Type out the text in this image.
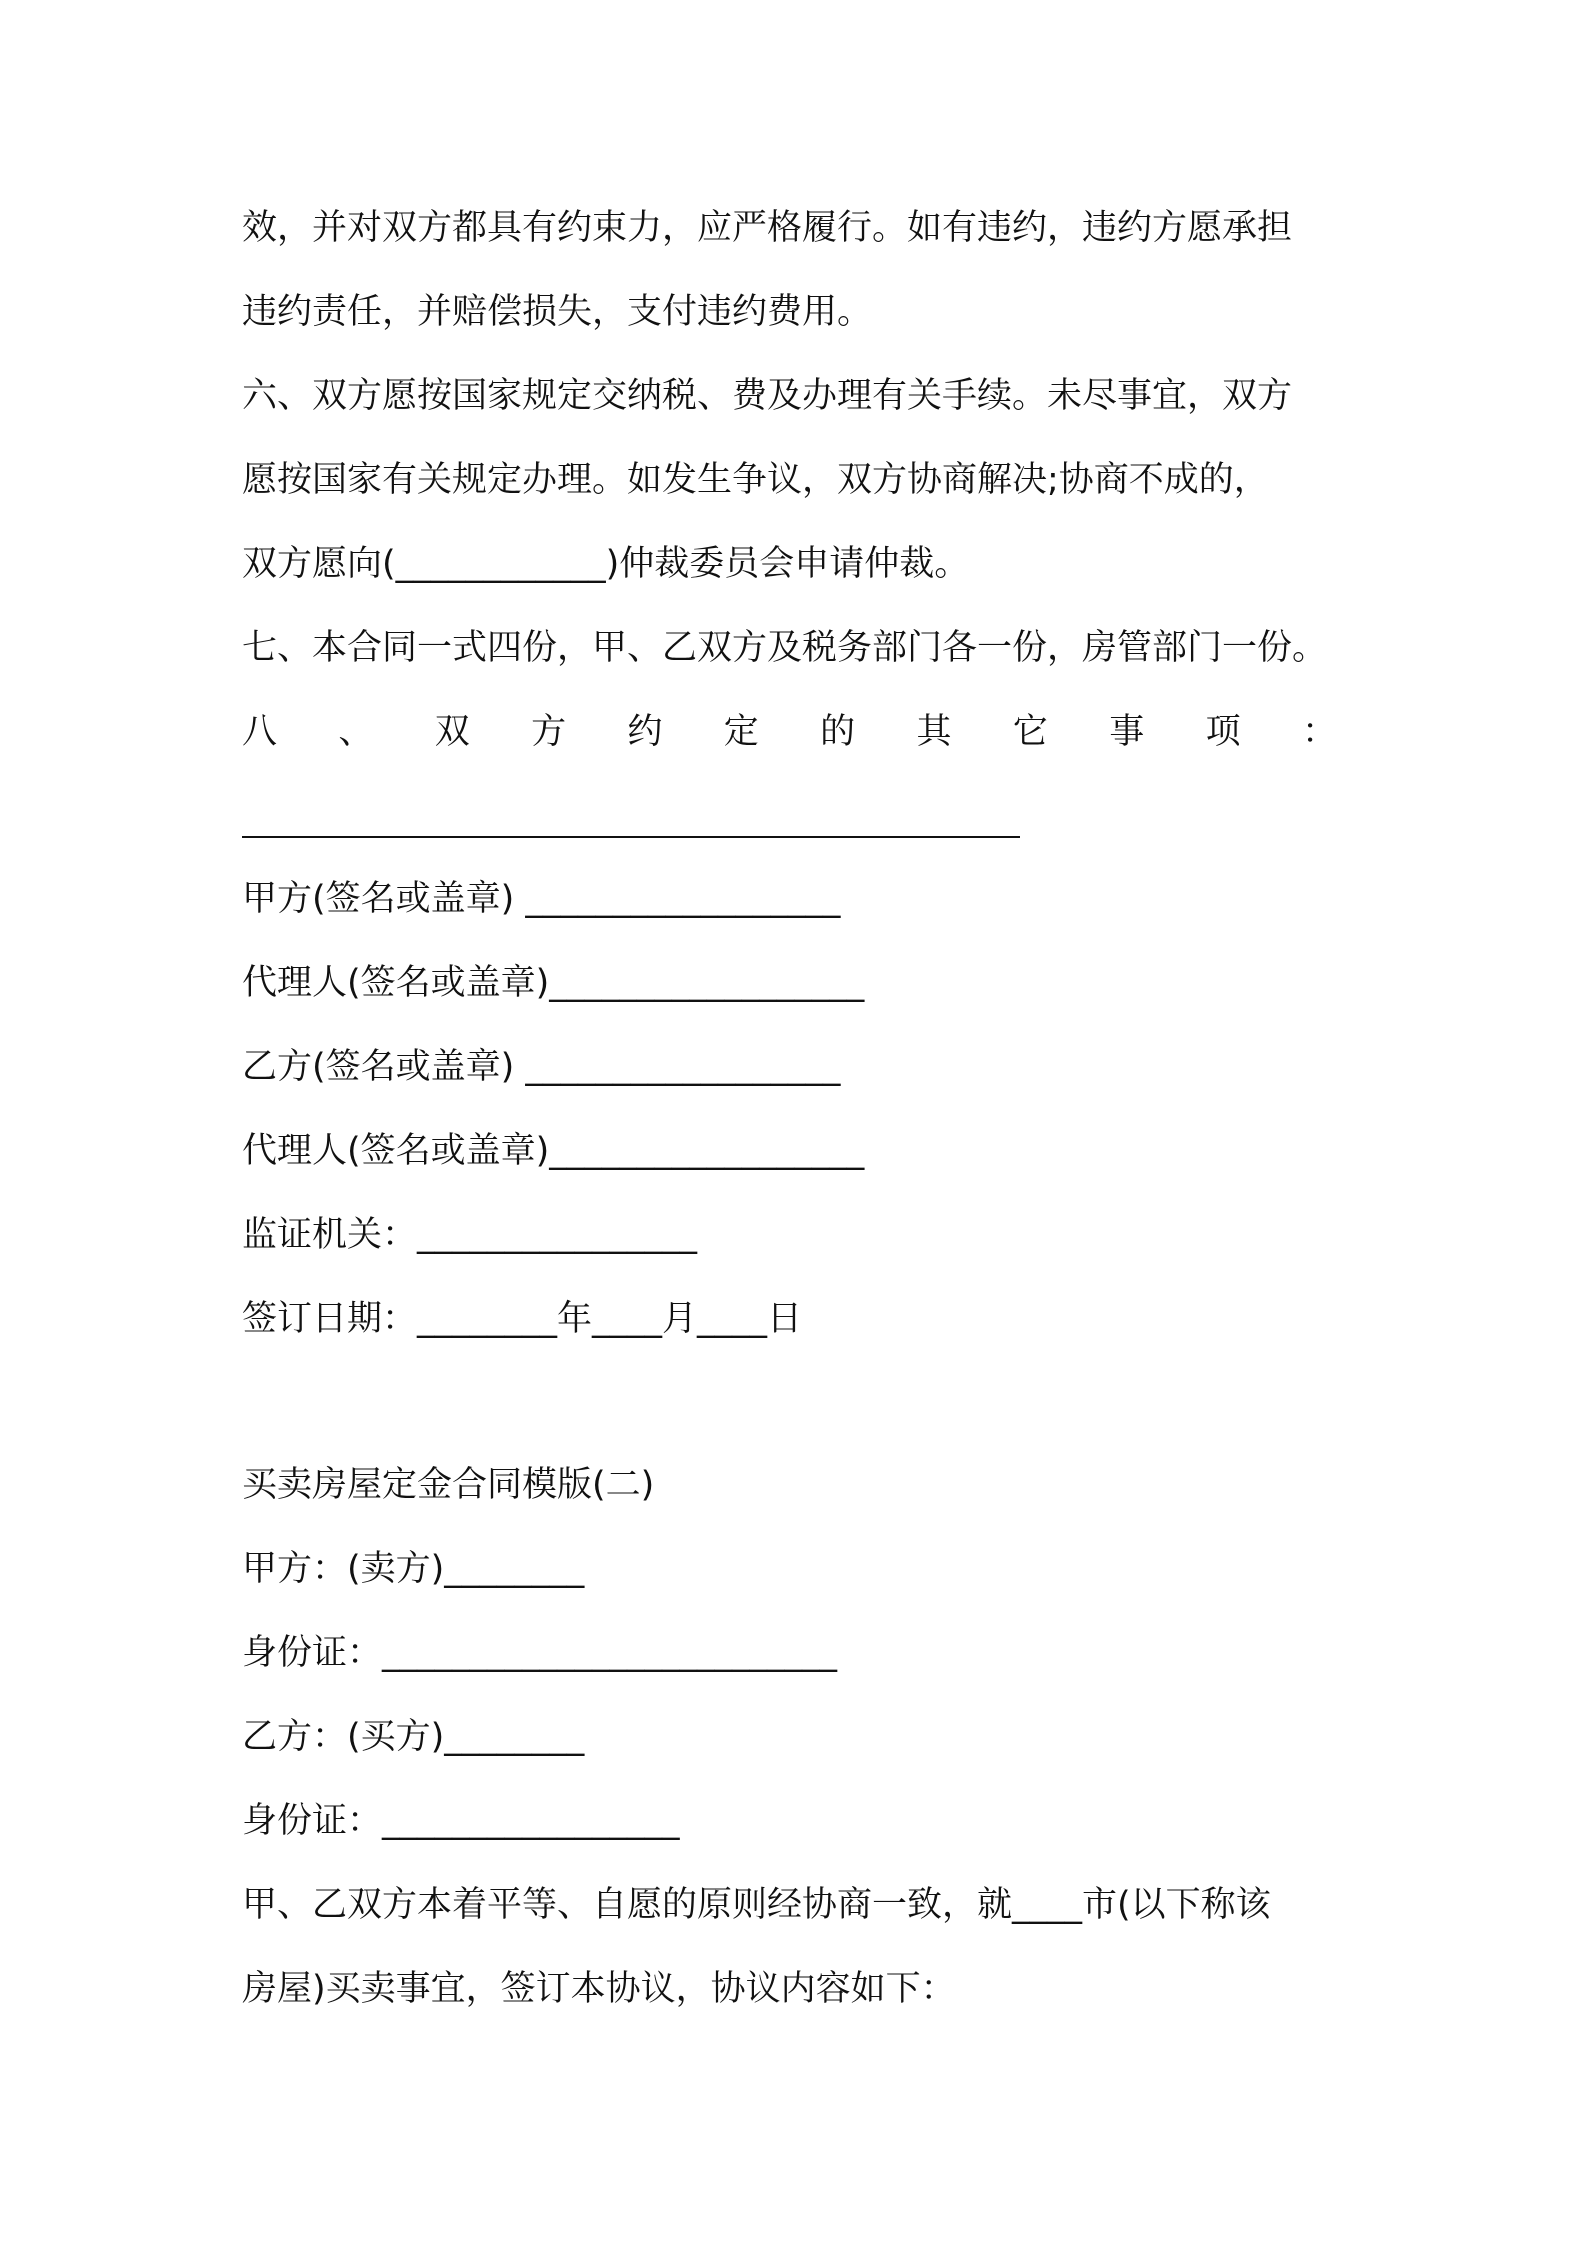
效，并对双方都具有约束力，应严格履行。如有违约，违约方愿承担

违约责任，并赔偿损失，支付违约费用。

六、双方愿按国家规定交纳税、费及办理有关手续。未尽事宜，双方

愿按国家有关规定办理。如发生争议，双方协商解决;协商不成的，

双方愿向(____________)仲裁委员会申请仲裁。

七、本合同一式四份，甲、乙双方及税务部门各一份，房管部门一份。

八 、 双 方 约 定 的 其 它 事 项 ：

甲方(签名或盖章) __________________

代理人(签名或盖章)__________________

乙方(签名或盖章) __________________

代理人(签名或盖章)__________________

监证机关：________________

签订日期：________年____月____日

买卖房屋定金合同模版(二)

甲方：(卖方)________

身份证：__________________________

乙方：(买方)________

身份证：_________________

甲、乙双方本着平等、自愿的原则经协商一致，就____市(以下称该

房屋)买卖事宜，签订本协议，协议内容如下：
